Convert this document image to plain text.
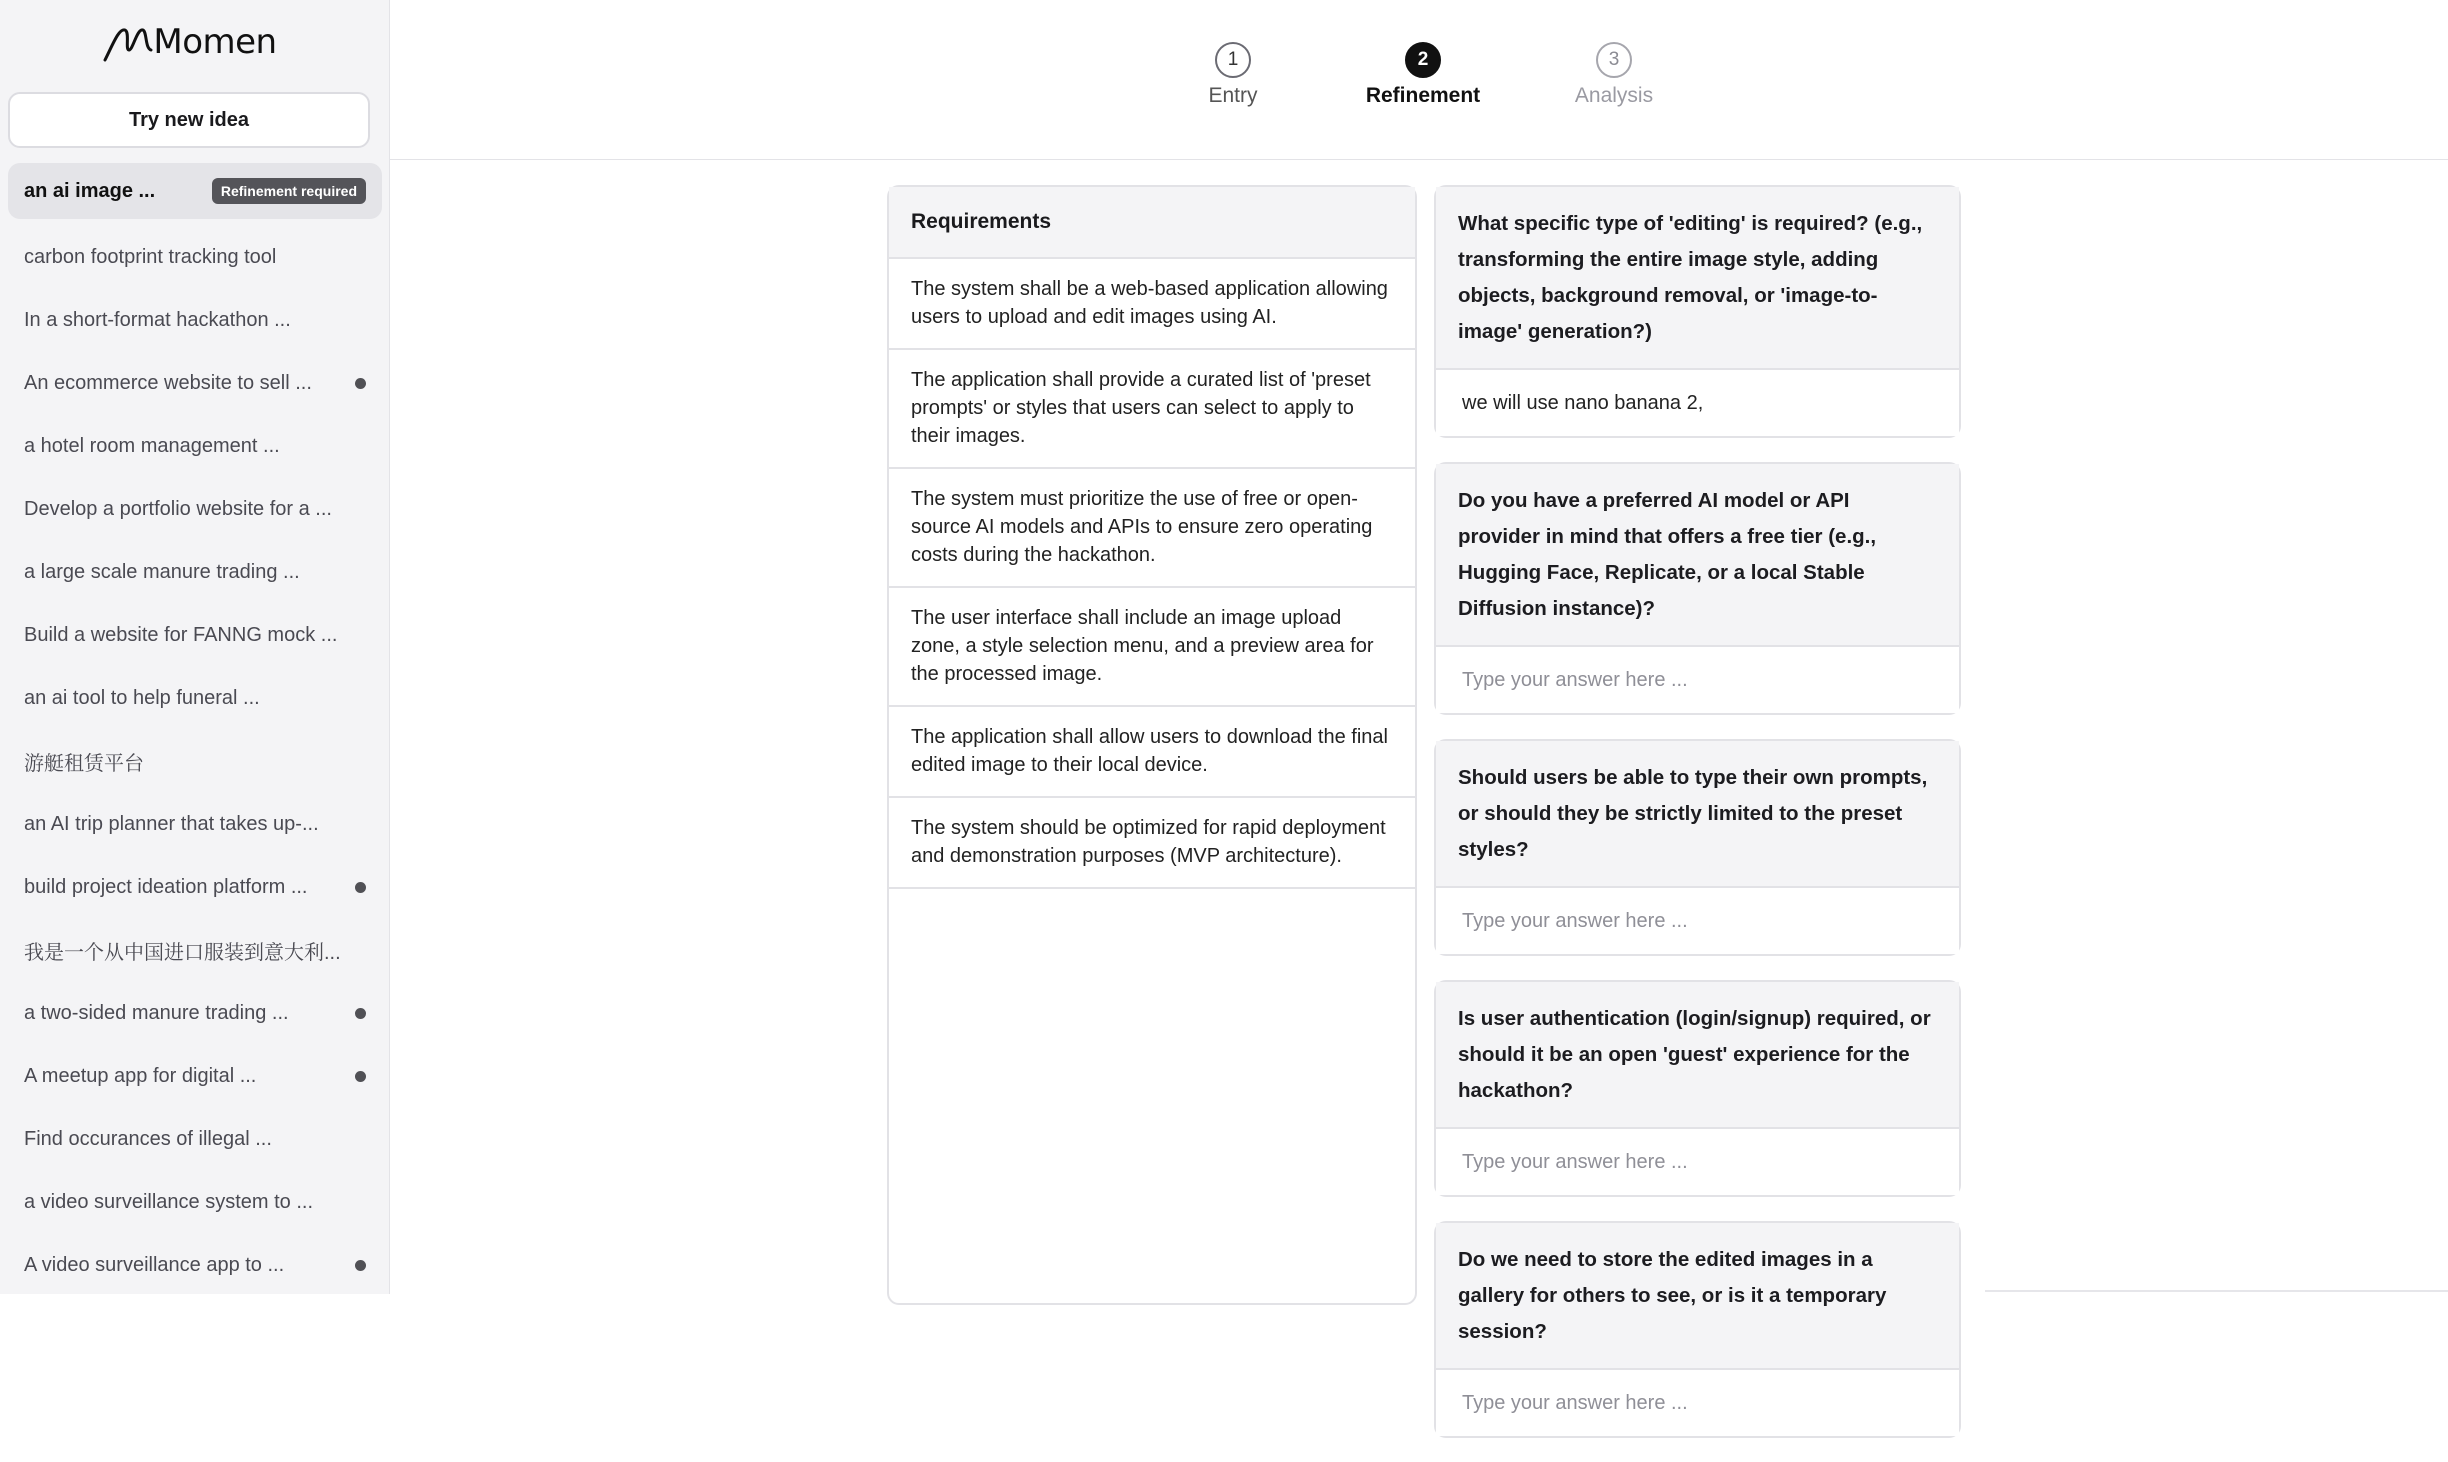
Momen
Try new idea
an ai image ...	Refinement required
carbon footprint tracking tool
In a short-format hackathon ...
An ecommerce website to sell ...
a hotel room management ...
Develop a portfolio website for a ...
a large scale manure trading ...
Build a website for FANNG mock ...
an ai tool to help funeral ...
游艇租赁平台
an AI trip planner that takes up-...
build project ideation platform ...
我是一个从中国进口服装到意大利...
a two-sided manure trading ...
A meetup app for digital ...
Find occurances of illegal ...
a video surveillance system to ...
A video surveillance app to ...
1
Entry
2
Refinement
3
Analysis
Requirements
The system shall be a web-based application allowing users to upload and edit images using AI.
The application shall provide a curated list of 'preset prompts' or styles that users can select to apply to their images.
The system must prioritize the use of free or open-source AI models and APIs to ensure zero operating costs during the hackathon.
The user interface shall include an image upload zone, a style selection menu, and a preview area for the processed image.
The application shall allow users to download the final edited image to their local device.
The system should be optimized for rapid deployment and demonstration purposes (MVP architecture).
What specific type of 'editing' is required? (e.g., transforming the entire image style, adding objects, background removal, or 'image-to-image' generation?)
we will use nano banana 2,
Do you have a preferred AI model or API provider in mind that offers a free tier (e.g., Hugging Face, Replicate, or a local Stable Diffusion instance)?
Type your answer here ...
Should users be able to type their own prompts, or should they be strictly limited to the preset styles?
Type your answer here ...
Is user authentication (login/signup) required, or should it be an open 'guest' experience for the hackathon?
Type your answer here ...
Do we need to store the edited images in a gallery for others to see, or is it a temporary session?
Type your answer here ...
